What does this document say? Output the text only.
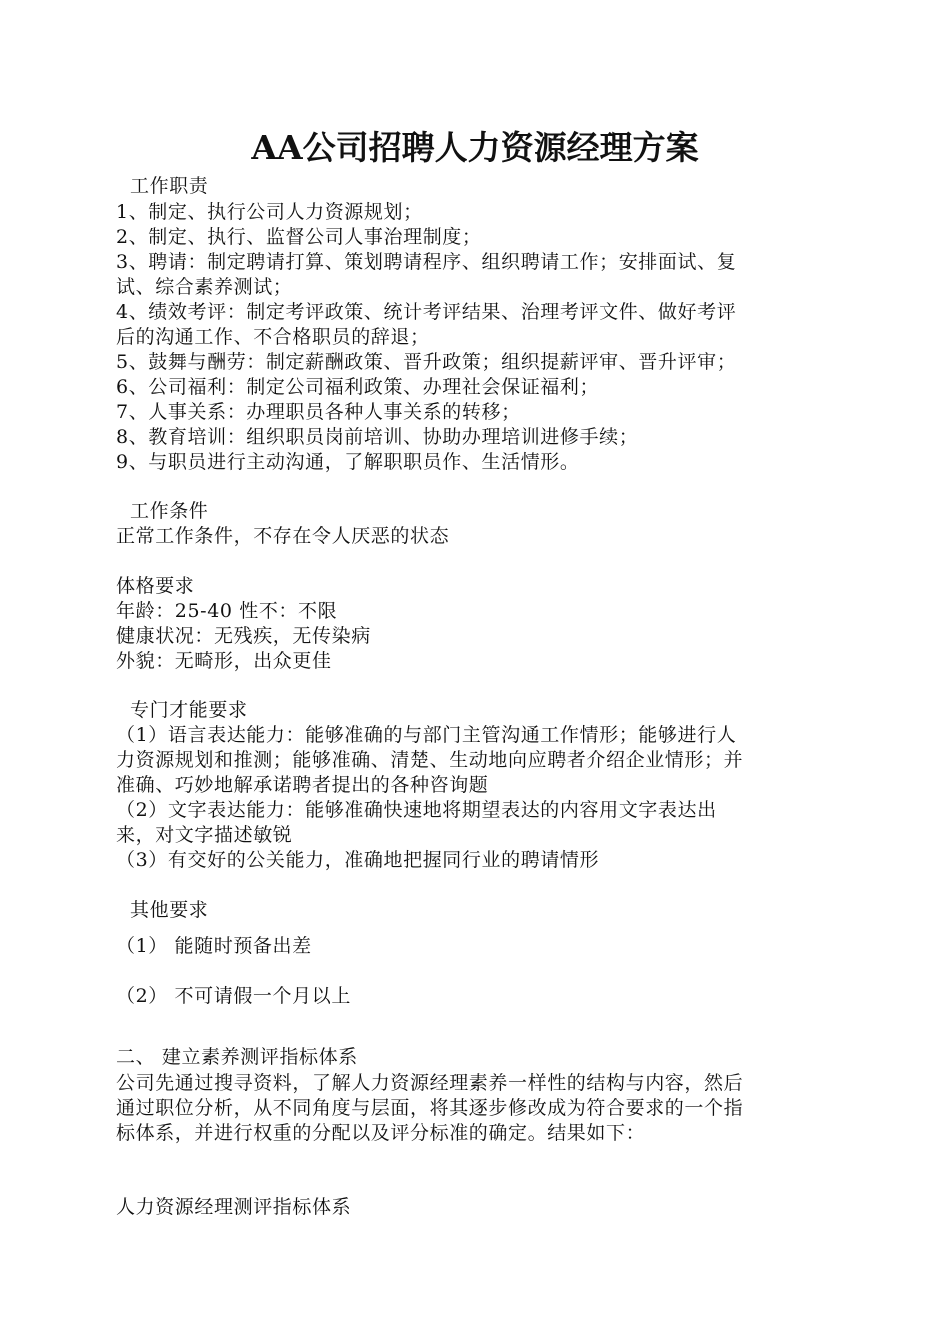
AA公司招聘人力资源经理方案
工作职责
1、制定、执行公司人力资源规划；
2、制定、执行、监督公司人事治理制度；
3、聘请：制定聘请打算、策划聘请程序、组织聘请工作；安排面试、复
试、综合素养测试；
4、绩效考评：制定考评政策、统计考评结果、治理考评文件、做好考评
后的沟通工作、不合格职员的辞退；
5、鼓舞与酬劳：制定薪酬政策、晋升政策；组织提薪评审、晋升评审；
6、公司福利：制定公司福利政策、办理社会保证福利；
7、人事关系：办理职员各种人事关系的转移；
8、教育培训：组织职员岗前培训、协助办理培训进修手续；
9、与职员进行主动沟通，了解职职员作、生活情形。
工作条件
正常工作条件，不存在令人厌恶的状态
体格要求
年龄：25-40 性不：不限
健康状况：无残疾，无传染病
外貌：无畸形，出众更佳
专门才能要求
（1）语言表达能力：能够准确的与部门主管沟通工作情形；能够进行人
力资源规划和推测；能够准确、清楚、生动地向应聘者介绍企业情形；并
准确、巧妙地解承诺聘者提出的各种咨询题
（2）文字表达能力：能够准确快速地将期望表达的内容用文字表达出
来，对文字描述敏锐
（3）有交好的公关能力，准确地把握同行业的聘请情形
其他要求
（1） 能随时预备出差
（2） 不可请假一个月以上
二、 建立素养测评指标体系
公司先通过搜寻资料，了解人力资源经理素养一样性的结构与内容，然后
通过职位分析，从不同角度与层面，将其逐步修改成为符合要求的一个指
标体系，并进行权重的分配以及评分标准的确定。结果如下：
人力资源经理测评指标体系
